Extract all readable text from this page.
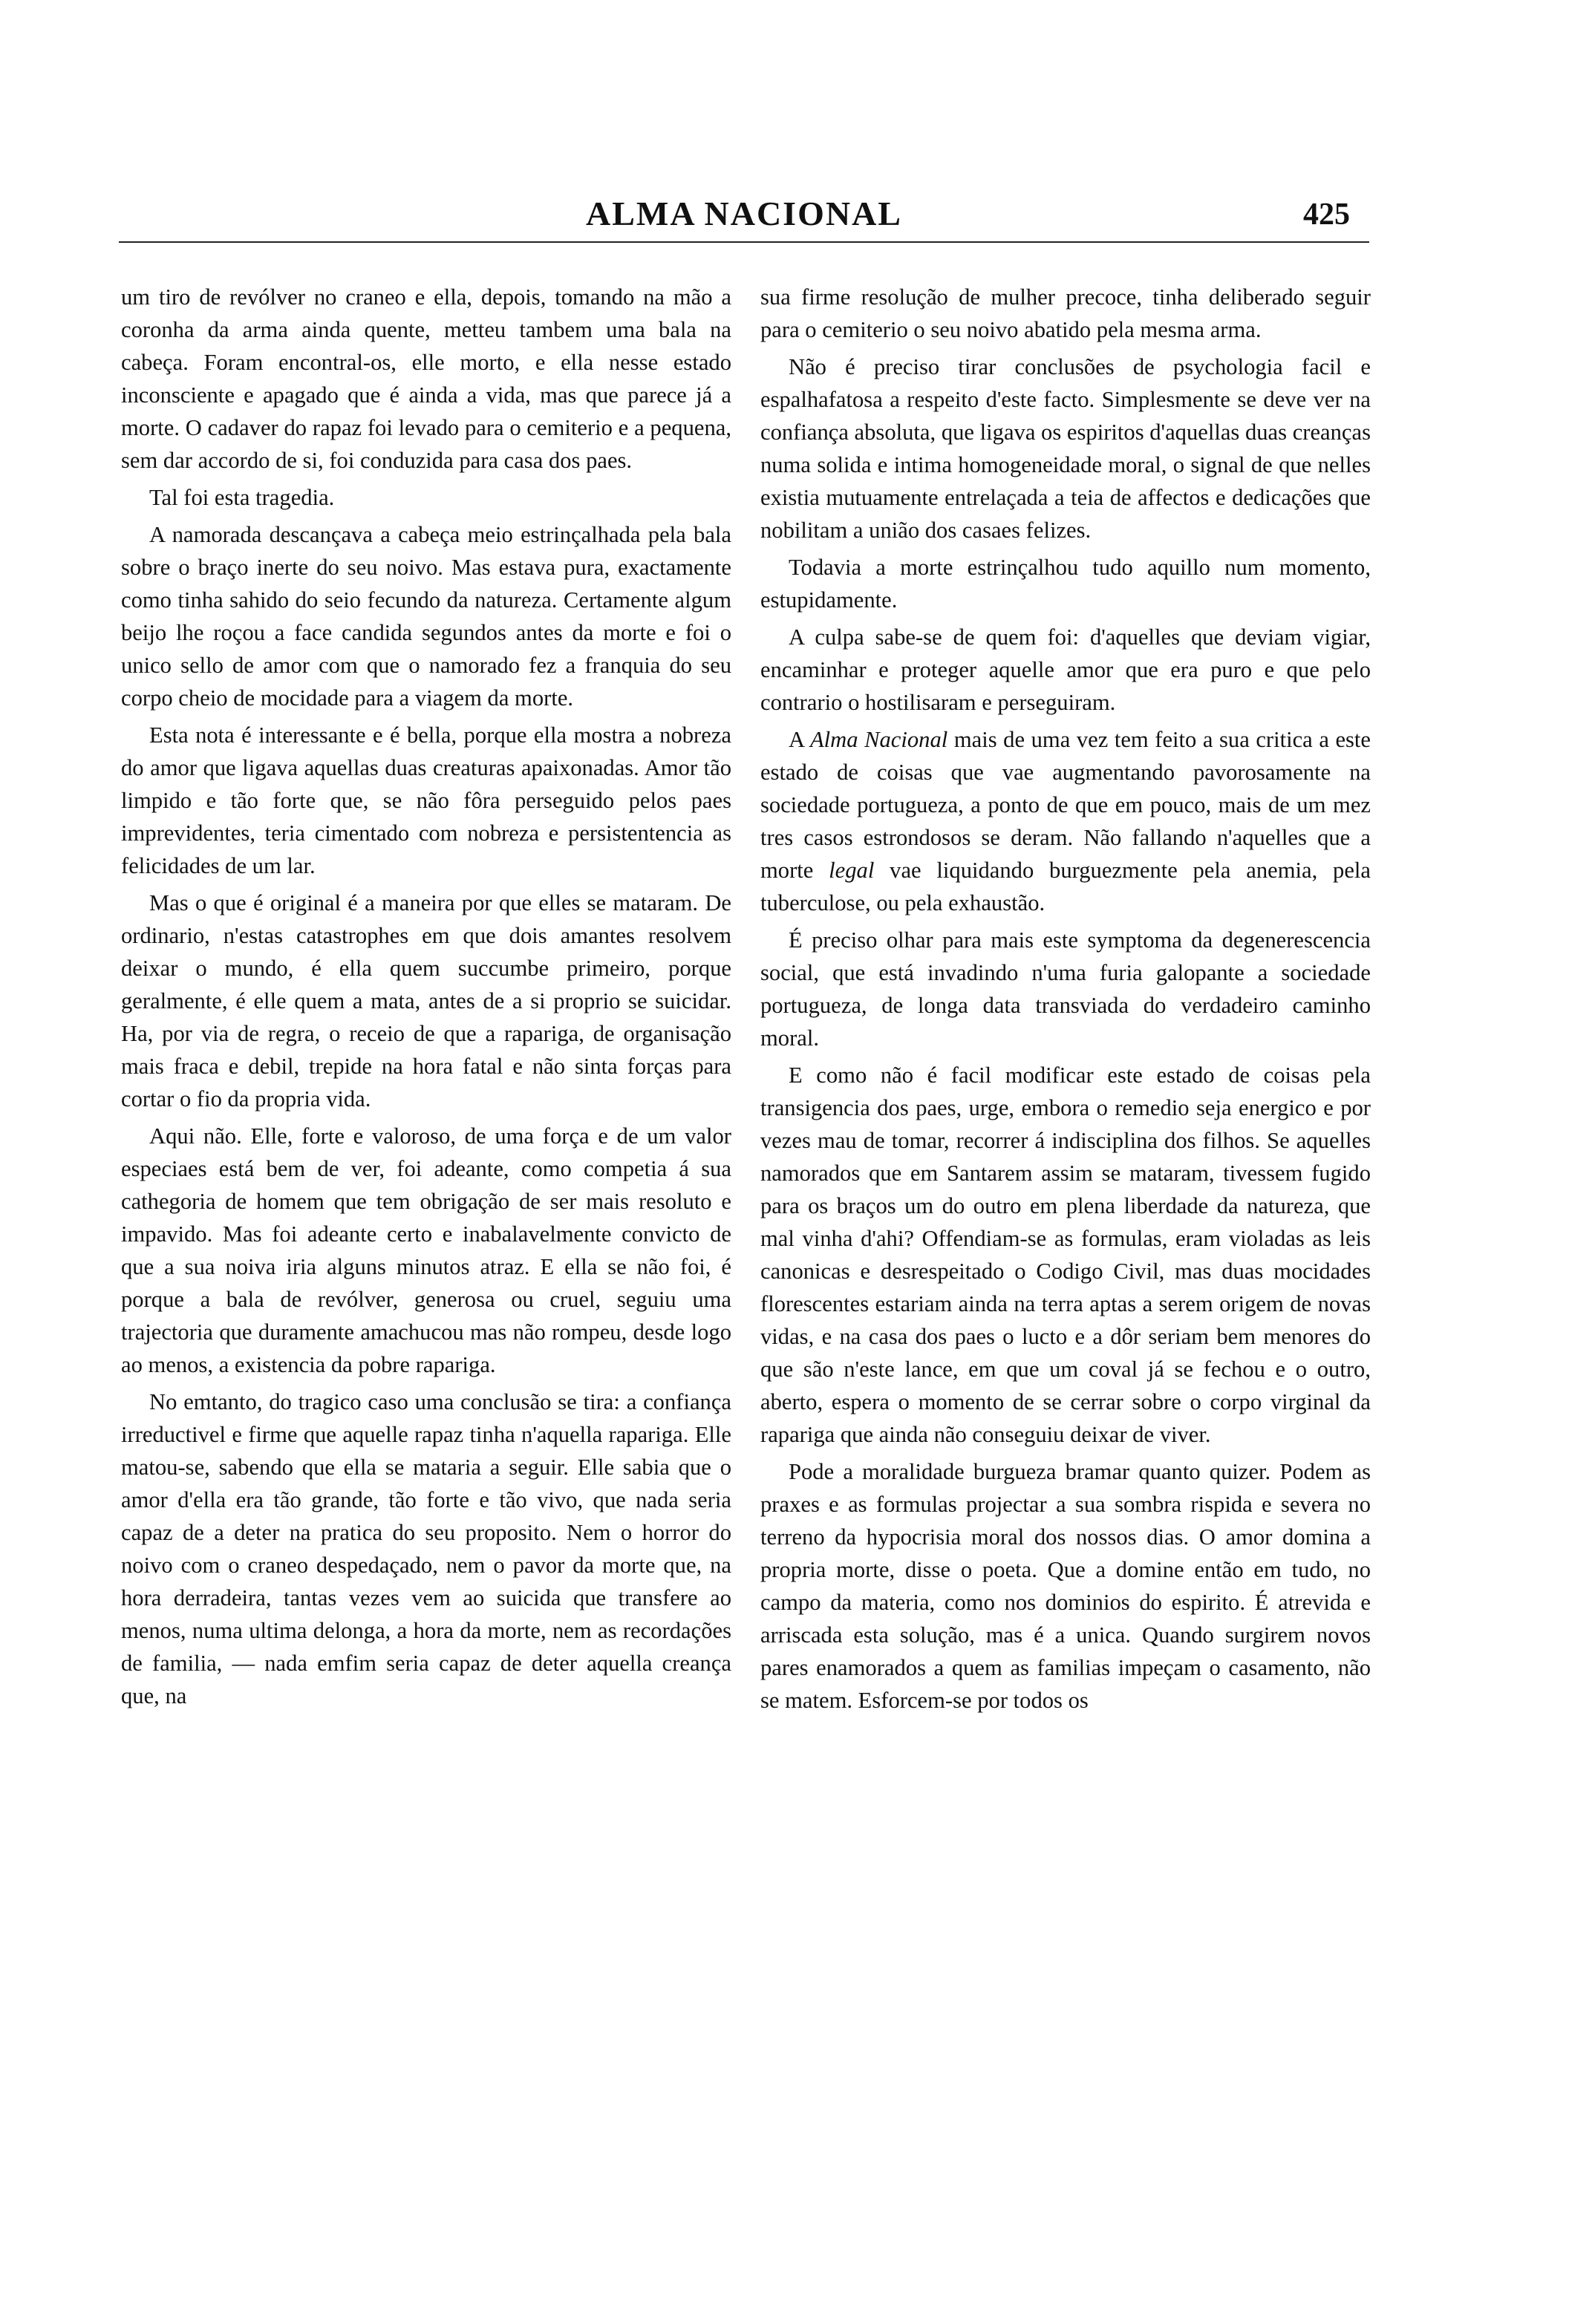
ALMA NACIONAL	425

um tiro de revólver no craneo e ella, depois, tomando na mão a coronha da arma ainda quente, metteu tambem uma bala na cabeça. Foram encontral-os, elle morto, e ella nesse estado inconsciente e apagado que é ainda a vida, mas que parece já a morte. O cadaver do rapaz foi levado para o cemiterio e a pequena, sem dar accordo de si, foi conduzida para casa dos paes.

Tal foi esta tragedia.

A namorada descançava a cabeça meio estrinçalhada pela bala sobre o braço inerte do seu noivo. Mas estava pura, exactamente como tinha sahido do seio fecundo da natureza. Certamente algum beijo lhe roçou a face candida segundos antes da morte e foi o unico sello de amor com que o namorado fez a franquia do seu corpo cheio de mocidade para a viagem da morte.

Esta nota é interessante e é bella, porque ella mostra a nobreza do amor que ligava aquellas duas creaturas apaixonadas. Amor tão limpido e tão forte que, se não fôra perseguido pelos paes imprevidentes, teria cimentado com nobreza e persistentencia as felicidades de um lar.

Mas o que é original é a maneira por que elles se mataram. De ordinario, n'estas catastrophes em que dois amantes resolvem deixar o mundo, é ella quem succumbe primeiro, porque geralmente, é elle quem a mata, antes de a si proprio se suicidar. Ha, por via de regra, o receio de que a rapariga, de organisação mais fraca e debil, trepide na hora fatal e não sinta forças para cortar o fio da propria vida.

Aqui não. Elle, forte e valoroso, de uma força e de um valor especiaes está bem de ver, foi adeante, como competia á sua cathegoria de homem que tem obrigação de ser mais resoluto e impavido. Mas foi adeante certo e inabalavelmente convicto de que a sua noiva iria alguns minutos atraz. E ella se não foi, é porque a bala de revólver, generosa ou cruel, seguiu uma trajectoria que duramente amachucou mas não rompeu, desde logo ao menos, a existencia da pobre rapariga.

No emtanto, do tragico caso uma conclusão se tira: a confiança irreductivel e firme que aquelle rapaz tinha n'aquella rapariga. Elle matou-se, sabendo que ella se mataria a seguir. Elle sabia que o amor d'ella era tão grande, tão forte e tão vivo, que nada seria capaz de a deter na pratica do seu proposito. Nem o horror do noivo com o craneo despedaçado, nem o pavor da morte que, na hora derradeira, tantas vezes vem ao suicida que transfere ao menos, numa ultima delonga, a hora da morte, nem as recordações de familia, — nada emfim seria capaz de deter aquella creança que, na

sua firme resolução de mulher precoce, tinha deliberado seguir para o cemiterio o seu noivo abatido pela mesma arma.

Não é preciso tirar conclusões de psychologia facil e espalhafatosa a respeito d'este facto. Simplesmente se deve ver na confiança absoluta, que ligava os espiritos d'aquellas duas creanças numa solida e intima homogeneidade moral, o signal de que nelles existia mutuamente entrelaçada a teia de affectos e dedicações que nobilitam a união dos casaes felizes.

Todavia a morte estrinçalhou tudo aquillo num momento, estupidamente.

A culpa sabe-se de quem foi: d'aquelles que deviam vigiar, encaminhar e proteger aquelle amor que era puro e que pelo contrario o hostilisaram e perseguiram.

A Alma Nacional mais de uma vez tem feito a sua critica a este estado de coisas que vae augmentando pavorosamente na sociedade portugueza, a ponto de que em pouco, mais de um mez tres casos estrondosos se deram. Não fallando n'aquelles que a morte legal vae liquidando burguezmente pela anemia, pela tuberculose, ou pela exhaustão.

É preciso olhar para mais este symptoma da degenerescencia social, que está invadindo n'uma furia galopante a sociedade portugueza, de longa data transviada do verdadeiro caminho moral.

E como não é facil modificar este estado de coisas pela transigencia dos paes, urge, embora o remedio seja energico e por vezes mau de tomar, recorrer á indisciplina dos filhos. Se aquelles namorados que em Santarem assim se mataram, tivessem fugido para os braços um do outro em plena liberdade da natureza, que mal vinha d'ahi? Offendiam-se as formulas, eram violadas as leis canonicas e desrespeitado o Codigo Civil, mas duas mocidades florescentes estariam ainda na terra aptas a serem origem de novas vidas, e na casa dos paes o lucto e a dôr seriam bem menores do que são n'este lance, em que um coval já se fechou e o outro, aberto, espera o momento de se cerrar sobre o corpo virginal da rapariga que ainda não conseguiu deixar de viver.

Pode a moralidade burgueza bramar quanto quizer. Podem as praxes e as formulas projectar a sua sombra rispida e severa no terreno da hypocrisia moral dos nossos dias. O amor domina a propria morte, disse o poeta. Que a domine então em tudo, no campo da materia, como nos dominios do espirito. É atrevida e arriscada esta solução, mas é a unica. Quando surgirem novos pares enamorados a quem as familias impeçam o casamento, não se matem. Esforcem-se por todos os
